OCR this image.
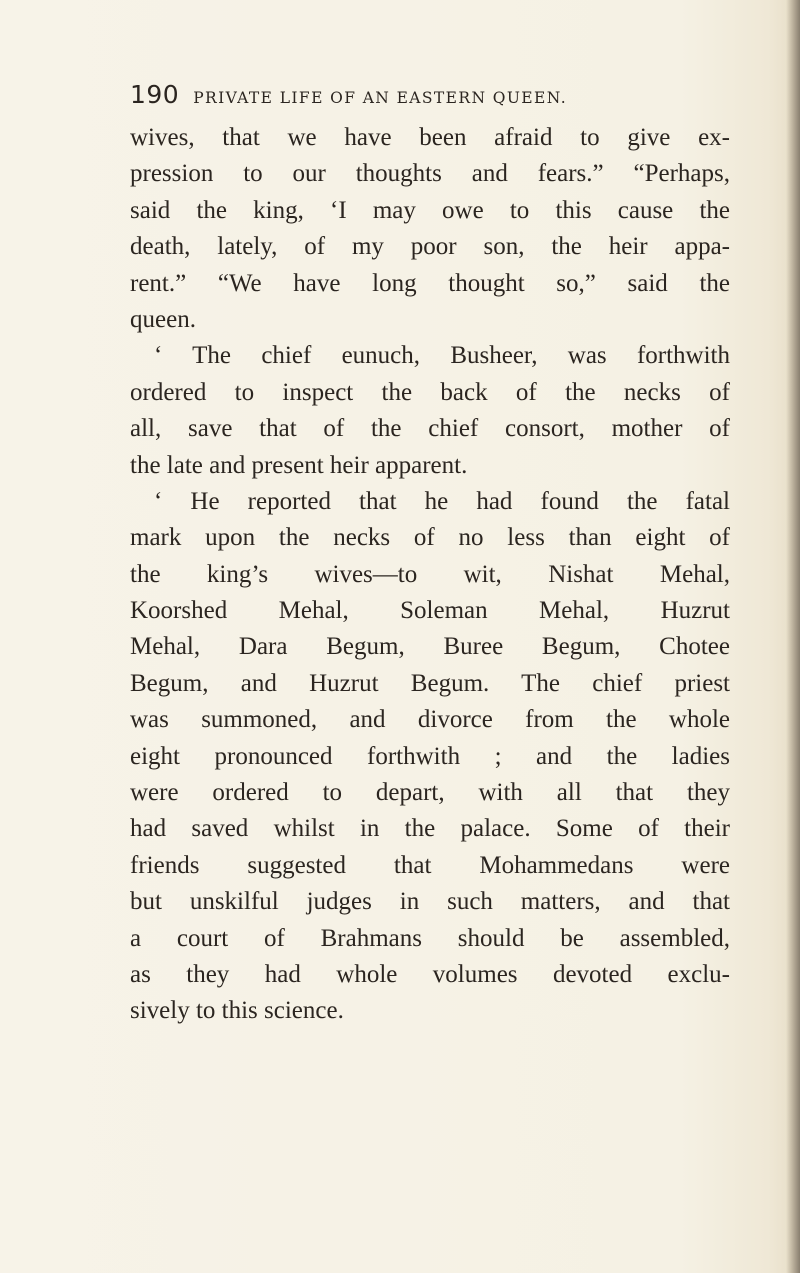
190 PRIVATE LIFE OF AN EASTERN QUEEN.
wives, that we have been afraid to give ex-
pression to our thoughts and fears.” “Perhaps,
said the king, ‘I may owe to this cause the
death, lately, of my poor son, the heir appa-
rent.” “We have long thought so,” said the
queen.
‘ The chief eunuch, Busheer, was forthwith
ordered to inspect the back of the necks of
all, save that of the chief consort, mother of
the late and present heir apparent.
‘ He reported that he had found the fatal
mark upon the necks of no less than eight of
the king’s wives—to wit, Nishat Mehal,
Koorshed Mehal, Soleman Mehal, Huzrut
Mehal, Dara Begum, Buree Begum, Chotee
Begum, and Huzrut Begum. The chief priest
was summoned, and divorce from the whole
eight pronounced forthwith ; and the ladies
were ordered to depart, with all that they
had saved whilst in the palace. Some of their
friends suggested that Mohammedans were
but unskilful judges in such matters, and that
a court of Brahmans should be assembled,
as they had whole volumes devoted exclu-
sively to this science.
